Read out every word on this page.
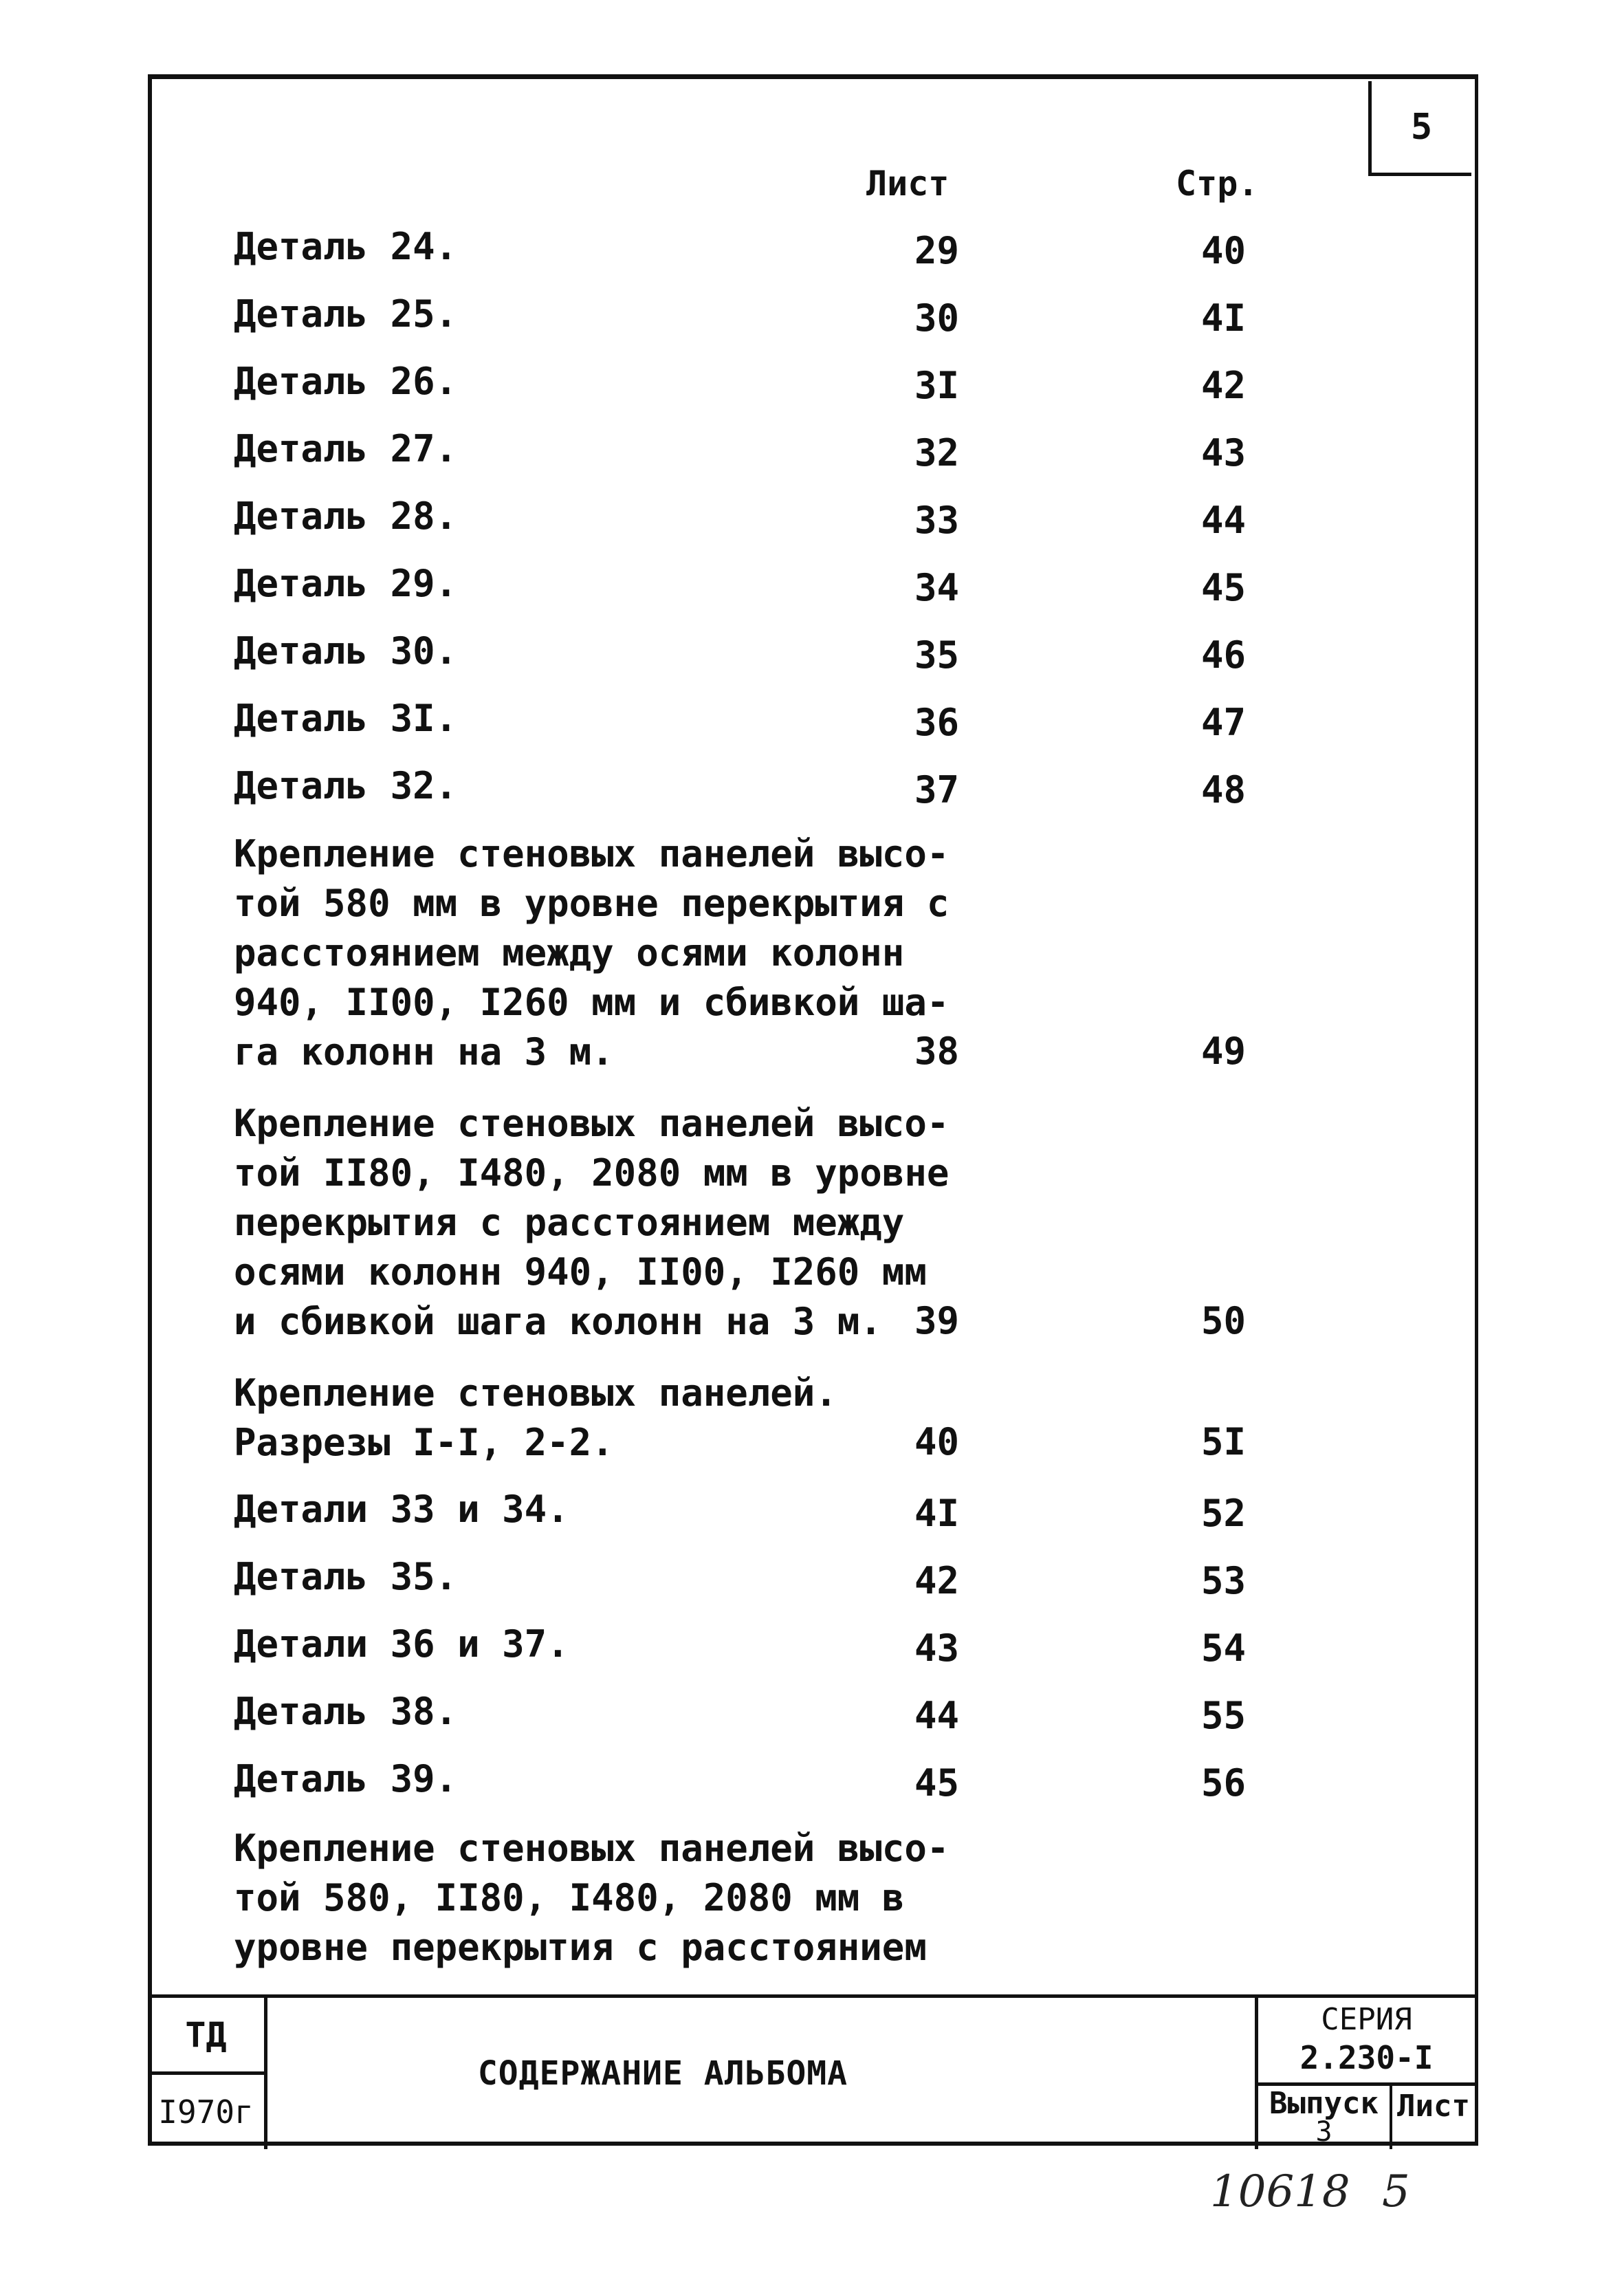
5
Лист	Стр.
Деталь 24.	29	40
Деталь 25.	30	4I
Деталь 26.	3I	42
Деталь 27.	32	43
Деталь 28.	33	44
Деталь 29.	34	45
Деталь 30.	35	46
Деталь 3I.	36	47
Деталь 32.	37	48
Крепление стеновых панелей высо-
той 580 мм в уровне перекрытия с
расстоянием между осями колонн
940, II00, I260 мм и сбивкой ша-
га колонн на 3 м.	38	49
Крепление стеновых панелей высо-
той II80, I480, 2080 мм в уровне
перекрытия с расстоянием между
осями колонн 940, II00, I260 мм
и сбивкой шага колонн на 3 м. 39	50
Крепление стеновых панелей.
Разрезы I-I, 2-2.	40	5I
Детали 33 и 34.	4I	52
Деталь 35.	42	53
Детали 36 и 37.	43	54
Деталь 38.	44	55
Деталь 39.	45	56
Крепление стеновых панелей высо-
той 580, II80, I480, 2080 мм в
уровне перекрытия с расстоянием
ТД
I970г
СОДЕРЖАНИЕ АЛЬБОМА
СЕРИЯ
2.230-I
Выпуск
3
Лист
10618 5
